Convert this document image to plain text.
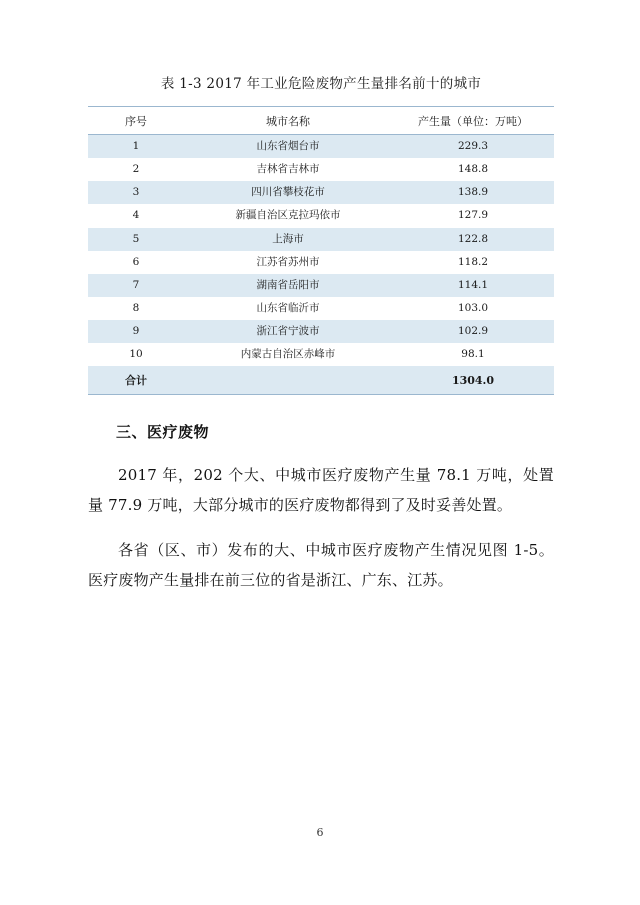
表 1-3 2017 年工业危险废物产生量排名前十的城市
序号	城市名称	产生量（单位：万吨）
1	山东省烟台市	229.3
2	吉林省吉林市	148.8
3	四川省攀枝花市	138.9
4	新疆自治区克拉玛依市	127.9
5	上海市	122.8
6	江苏省苏州市	118.2
7	湖南省岳阳市	114.1
8	山东省临沂市	103.0
9	浙江省宁波市	102.9
10	内蒙古自治区赤峰市	98.1
合计		1304.0
三、医疗废物

2017 年，202 个大、中城市医疗废物产生量 78.1 万吨，处置量 77.9 万吨，大部分城市的医疗废物都得到了及时妥善处置。

各省（区、市）发布的大、中城市医疗废物产生情况见图 1-5。医疗废物产生量排在前三位的省是浙江、广东、江苏。

6
